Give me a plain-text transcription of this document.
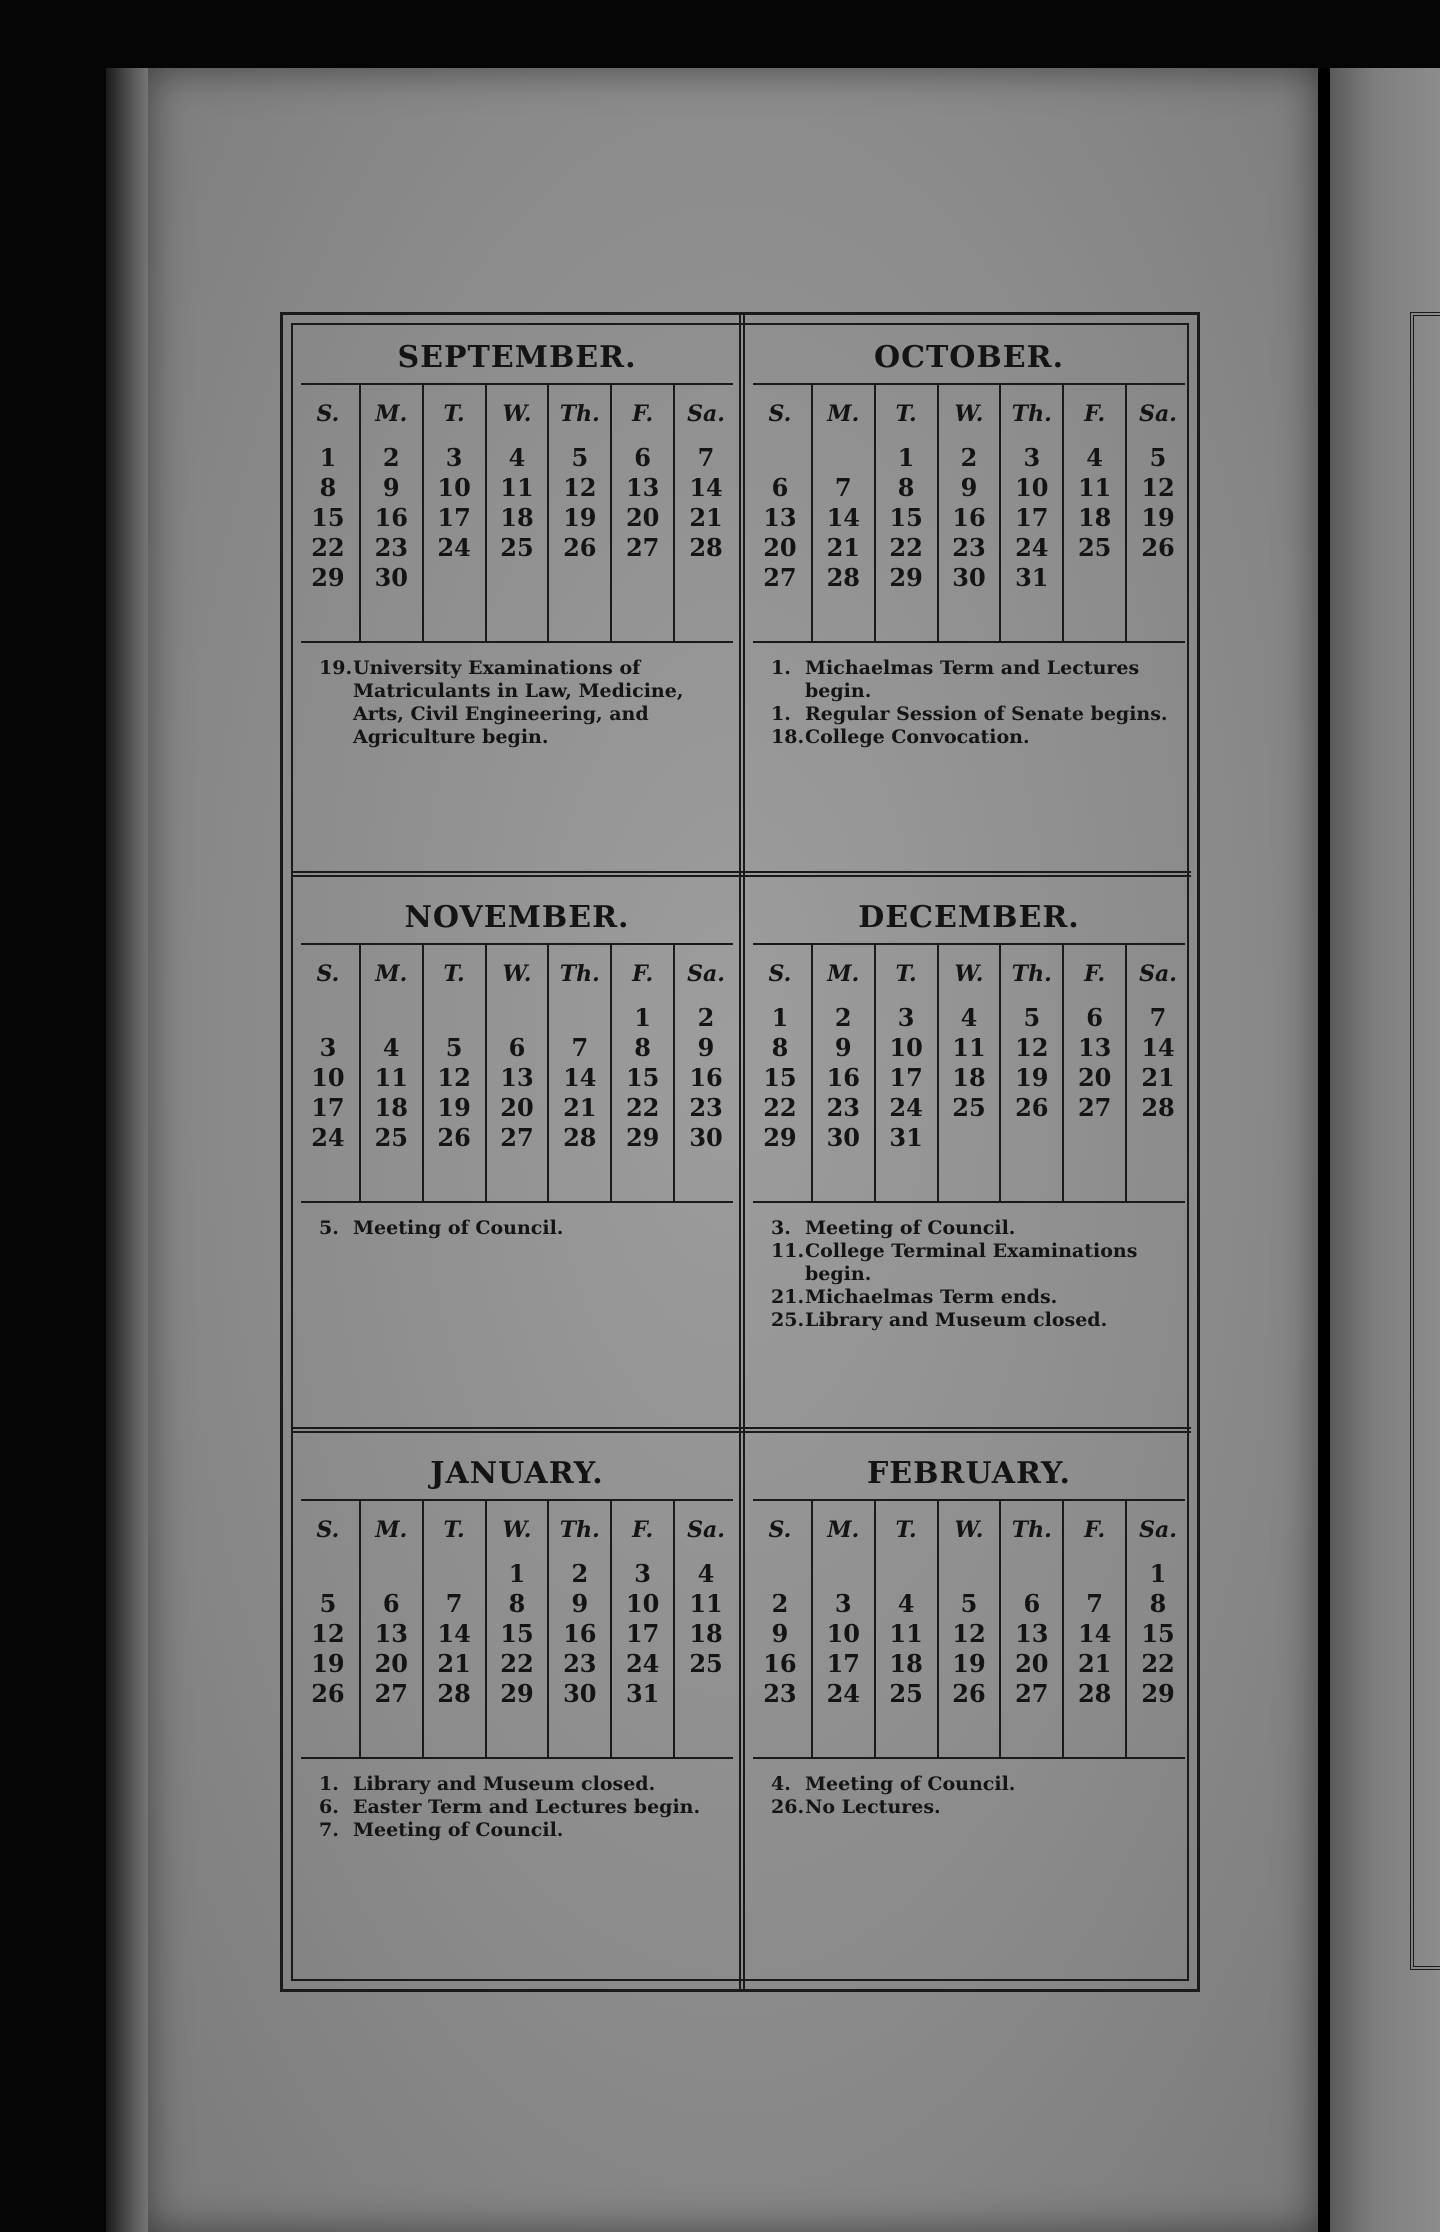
SEPTEMBER.
S.	M.	T.	W.	Th.	F.	Sa.
1	2	3	4	5	6	7
8	9	10	11	12	13	14
15	16	17	18	19	20	21
22	23	24	25	26	27	28
29	30					

19. University Examinations of Matriculants in Law, Medicine, Arts, Civil Engineering, and Agriculture begin.
OCTOBER.
S.	M.	T.	W.	Th.	F.	Sa.
		1	2	3	4	5
6	7	8	9	10	11	12
13	14	15	16	17	18	19
20	21	22	23	24	25	26
27	28	29	30	31		

1. Michaelmas Term and Lectures begin.
1. Regular Session of Senate begins.
18. College Convocation.
NOVEMBER.
S.	M.	T.	W.	Th.	F.	Sa.
					1	2
3	4	5	6	7	8	9
10	11	12	13	14	15	16
17	18	19	20	21	22	23
24	25	26	27	28	29	30

5. Meeting of Council.
DECEMBER.
S.	M.	T.	W.	Th.	F.	Sa.
1	2	3	4	5	6	7
8	9	10	11	12	13	14
15	16	17	18	19	20	21
22	23	24	25	26	27	28
29	30	31				

3. Meeting of Council.
11. College Terminal Examinations begin.
21. Michaelmas Term ends.
25. Library and Museum closed.
JANUARY.
S.	M.	T.	W.	Th.	F.	Sa.
			1	2	3	4
5	6	7	8	9	10	11
12	13	14	15	16	17	18
19	20	21	22	23	24	25
26	27	28	29	30	31	

1. Library and Museum closed.
6. Easter Term and Lectures begin.
7. Meeting of Council.
FEBRUARY.
S.	M.	T.	W.	Th.	F.	Sa.
						1
2	3	4	5	6	7	8
9	10	11	12	13	14	15
16	17	18	19	20	21	22
23	24	25	26	27	28	29

4. Meeting of Council.
26. No Lectures.
